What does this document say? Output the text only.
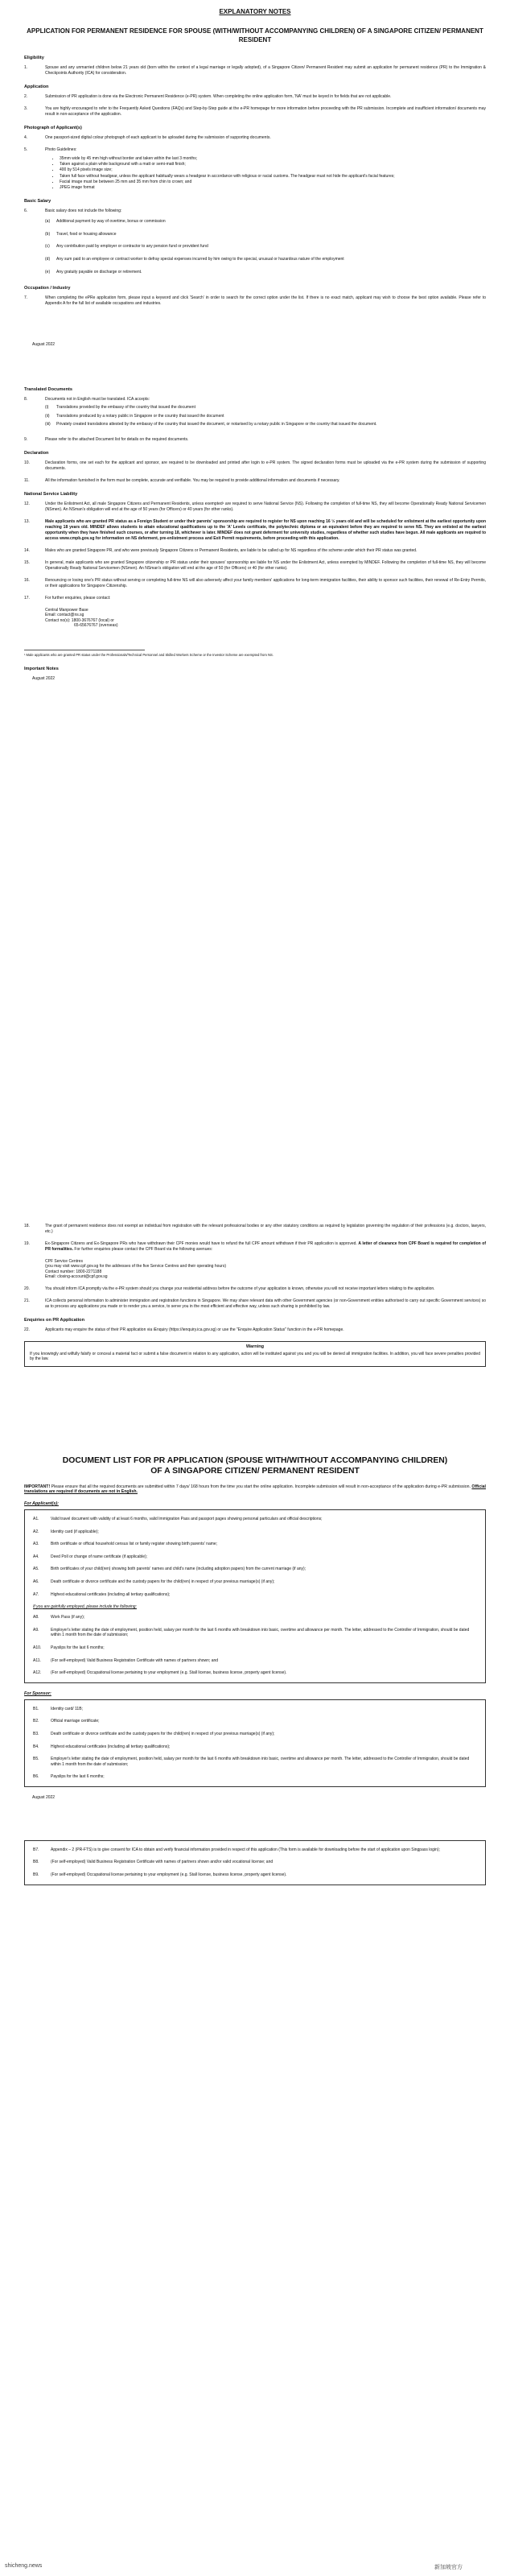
EXPLANATORY NOTES
APPLICATION FOR PERMANENT RESIDENCE FOR SPOUSE (WITH/WITHOUT ACCOMPANYING CHILDREN) OF A SINGAPORE CITIZEN/ PERMANENT RESIDENT
Eligibility
1.	Spouse and any unmarried children below 21 years old (born within the context of a legal marriage or legally adopted), of a Singapore Citizen/ Permanent Resident may submit an application for permanent residence (PR) to the Immigration & Checkpoints Authority (ICA) for consideration.
Application
2.	Submission of PR application is done via the Electronic Permanent Residence (e-PR) system. When completing the online application form, 'NA' must be keyed in for fields that are not applicable.
3.	You are highly encouraged to refer to the Frequently Asked Questions (FAQs) and Step-by-Step guide at the e-PR homepage for more information before proceeding with the PR submission. Incomplete and insufficient information/ documents may result in non-acceptance of the application.
Photograph of Applicant(s)
4.	One passport-sized digital colour photograph of each applicant to be uploaded during the submission of supporting documents.
5.	Photo Guidelines:
• 35mm wide by 45 mm high without border and taken within the last 3 months;
• Taken against a plain white background with a matt or semi-matt finish;
• 400 by 514 pixels image size;
• Taken full face without headgear, unless the applicant habitually wears a headgear in accordance with religious or racial customs. The headgear must not hide the applicant's facial features;
• Facial image must be between 25 mm and 35 mm from chin to crown; and
• JPEG image format
Basic Salary
6.	Basic salary does not include the following:
(a)	Additional payment by way of overtime, bonus or commission
(b)	Travel, food or housing allowance
(c)	Any contribution paid by employer or contractor to any pension fund or provident fund
(d)	Any sum paid to an employee or contract worker to defray special expenses incurred by him owing to the special, unusual or hazardous nature of the employment
(e)	Any gratuity payable on discharge or retirement.
Occupation / Industry
7.	When completing the ePRe application form, please input a keyword and click 'Search' in order to search for the correct option under the list. If there is no exact match, applicant may wish to choose the best option available. Please refer to Appendix A for the full list of available occupations and industries.
August 2022
Translated Documents
8.	Documents not in English must be translated. ICA accepts:
(i)	Translations provided by the embassy of the country that issued the document
(ii)	Translations produced by a notary public in Singapore or the country that issued the document
(iii)	Privately created translations attested by the embassy of the country that issued the document, or notarised by a notary public in Singapore or the country that issued the document.
9.	Please refer to the attached Document list for details on the required documents.
Declaration
10.	Declaration forms, one set each for the applicant and sponsor, are required to be downloaded and printed after login to e-PR system. The signed declaration forms must be uploaded via the e-PR system during the submission of supporting documents.
11.	All the information furnished in the form must be complete, accurate and verifiable. You may be required to provide additional information and documents if necessary.
National Service Liability
12.	Under the Enlistment Act, all male Singapore Citizens and Permanent Residents, unless exempted¹ are required to serve National Service (NS). Following the completion of full-time NS, they will become Operationally Ready National Servicemen (NSmen). An NSman's obligation will end at the age of 50 years (for Officers) or 40 years (for other ranks).
13.	Male applicants who are granted PR status as a Foreign Student or under their parents' sponsorship are required to register for NS upon reaching 16 ½ years old and will be scheduled for enlistment at the earliest opportunity upon reaching 18 years old. MINDEF allows students to attain educational qualifications up to the 'A' Levels certificate, the polytechnic diploma or an equivalent before they are required to serve NS. They are enlisted at the earliest opportunity when they have finished such courses, or after turning 18, whichever is later. MINDEF does not grant deferment for university studies, regardless of whether such studies have begun. All male applicants are required to access www.cmpb.gov.sg for information on NS deferment, pre-enlistment process and Exit Permit requirements, before proceeding with this application.
14.	Males who are granted Singapore PR, and who were previously Singapore Citizens or Permanent Residents, are liable to be called up for NS regardless of the scheme under which their PR status was granted.
15.	In general, male applicants who are granted Singapore citizenship or PR status under their spouses' sponsorship are liable for NS under the Enlistment Act, unless exempted by MINDEF. Following the completion of full-time NS, they will become Operationally Ready National Servicemen (NSmen). An NSman's obligation will end at the age of 50 (for Officers) or 40 (for other ranks).
16.	Renouncing or losing one's PR status without serving or completing full-time NS will also adversely affect your family members' applications for long-term immigration facilities, their ability to sponsor such facilities, their renewal of Re-Entry Permits, or their applications for Singapore Citizenship.
17.	For further enquiries, please contact:
Central Manpower Base
Email: contact@ns.sg
Contact no(s): 1800-3676767 (local) or
65-65676767 (overseas)
¹ Male applicants who are granted PR status under the Professionals/Technical Personnel and Skilled Workers Scheme or the Investor Scheme are exempted from NS.
Important Notes
August 2022
18.	The grant of permanent residence does not exempt an individual from registration with the relevant professional bodies or any other statutory conditions as required by legislation governing the regulation of their professions (e.g. doctors, lawyers, etc.)
19.	Ex-Singapore Citizens and Ex-Singapore PRs who have withdrawn their CPF monies would have to refund the full CPF amount withdrawn if their PR application is approved. A letter of clearance from CPF Board is required for completion of PR formalities. For further enquiries please contact the CPF Board via the following avenues:
CPF Service Centres
(you may visit www.cpf.gov.sg for the addresses of the five Service Centres and their operating hours)
Contact number: 1800-2271188
Email: closing-account@cpf.gov.sg
20.	You should inform ICA promptly via the e-PR system should you change your residential address before the outcome of your application is known, otherwise you will not receive important letters relating to the application.
21.	ICA collects personal information to administer immigration and registration functions in Singapore. We may share relevant data with other Government agencies (or non-Government entities authorised to carry out specific Government services) so as to process any applications you made or to render you a service, to serve you in the most efficient and effective way, unless such sharing is prohibited by law.
Enquiries on PR Application
22.	Applicants may enquire the status of their PR application via iEnquiry (https://ienquiry.ica.gov.sg) or use the "Enquire Application Status" function in the e-PR homepage.
Warning
If you knowingly and wilfully falsify or conceal a material fact or submit a false document in relation to any application, action will be instituted against you and you will be denied all immigration facilities. In addition, you will face severe penalties provided by the law.
DOCUMENT LIST FOR PR APPLICATION (SPOUSE WITH/WITHOUT ACCOMPANYING CHILDREN) OF A SINGAPORE CITIZEN/ PERMANENT RESIDENT
IMPORTANT! Please ensure that all the required documents are submitted within 7 days/ 168 hours from the time you start the online application. Incomplete submission will result in non-acceptance of the application during e-PR submission. Official translations are required if documents are not in English.
For Applicant(s):
A1.	Valid travel document with validity of at least 6 months, valid Immigration Pass and passport pages showing personal particulars and official descriptions;
A2.	Identity card (if applicable);
A3.	Birth certificate or official household census list or family register showing birth parents' name;
A4.	Deed Poll or change of name certificate (if applicable);
A5.	Birth certificates of your child(ren) showing both parents' names and child's name (including adoption papers) from the current marriage (if any);
A6.	Death certificate or divorce certificate and the custody papers for the child(ren) in respect of your previous marriage(s) (if any);
A7.	Highest educational certificates (including all tertiary qualifications);
If you are gainfully employed, please include the following:
A8.	Work Pass (if any);
A9.	Employer's letter stating the date of employment, position held, salary per month for the last 6 months with breakdown into basic, overtime and allowance per month. The letter, addressed to the Controller of Immigration, should be dated within 1 month from the date of submission;
A10.	Payslips for the last 6 months;
A11.	(For self-employed) Valid Business Registration Certificate with names of partners shown; and
A12.	(For self-employed) Occupational license pertaining to your employment (e.g. Stall license, business license, property agent license).
For Sponsor:
B1.	Identity card/ 11B;
B2.	Official marriage certificate;
B3.	Death certificate or divorce certificate and the custody papers for the child(ren) in respect of your previous marriage(s) (if any);
B4.	Highest educational certificates (including all tertiary qualifications);
B5.	Employer's letter stating the date of employment, position held, salary per month for the last 6 months with breakdown into basic, overtime and allowance per month. The letter, addressed to the Controller of Immigration, should be dated within 1 month from the date of submission;
B6.	Payslips for the last 6 months;
August 2022
B7.	Appendix – 2 (PR-FTS) is to give consent for ICA to obtain and verify financial information provided in respect of this application (This form is available for downloading before the start of application upon Singpass login);
B8.	(For self-employed) Valid Business Registration Certificate with names of partners shown and/or valid vocational license; and
B9.	(For self-employed) Occupational license pertaining to your employment (e.g. Stall license, business license, property agent license).
shicheng.news	新加坡官方
